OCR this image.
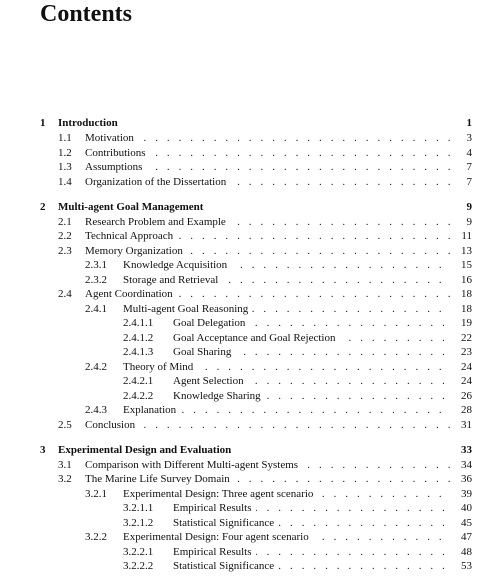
Contents
1 Introduction	1
1.1 . . . Motivation	3
1.2 . . . Contributions	4
1.3 . . . Assumptions	7
1.4 . . . Organization of the Dissertation	7
2 Multi-agent Goal Management	9
2.1 . . . Research Problem and Example	9
2.2 . . . Technical Approach	11
2.3 . . . Memory Organization	13
2.3.1 . . . Knowledge Acquisition	15
2.3.2 . . . Storage and Retrieval	16
2.4 . . . Agent Coordination	18
2.4.1 . . . Multi-agent Goal Reasoning	18
2.4.1.1 . . . Goal Delegation	19
2.4.1.2 . . . Goal Acceptance and Goal Rejection	22
2.4.1.3 . . . Goal Sharing	23
2.4.2 . . . Theory of Mind	24
2.4.2.1 . . . Agent Selection	24
2.4.2.2 . . . Knowledge Sharing	26
2.4.3 . . . Explanation	28
2.5 . . . Conclusion	31
3 Experimental Design and Evaluation	33
3.1 . . . Comparison with Different Multi-agent Systems	34
3.2 . . . The Marine Life Survey Domain	36
3.2.1 . . . Experimental Design: Three agent scenario	39
3.2.1.1 . . . Empirical Results	40
3.2.1.2 . . . Statistical Significance	45
3.2.2 . . . Experimental Design: Four agent scenario	47
3.2.2.1 . . . Empirical Results	48
3.2.2.2 . . . Statistical Significance	53
